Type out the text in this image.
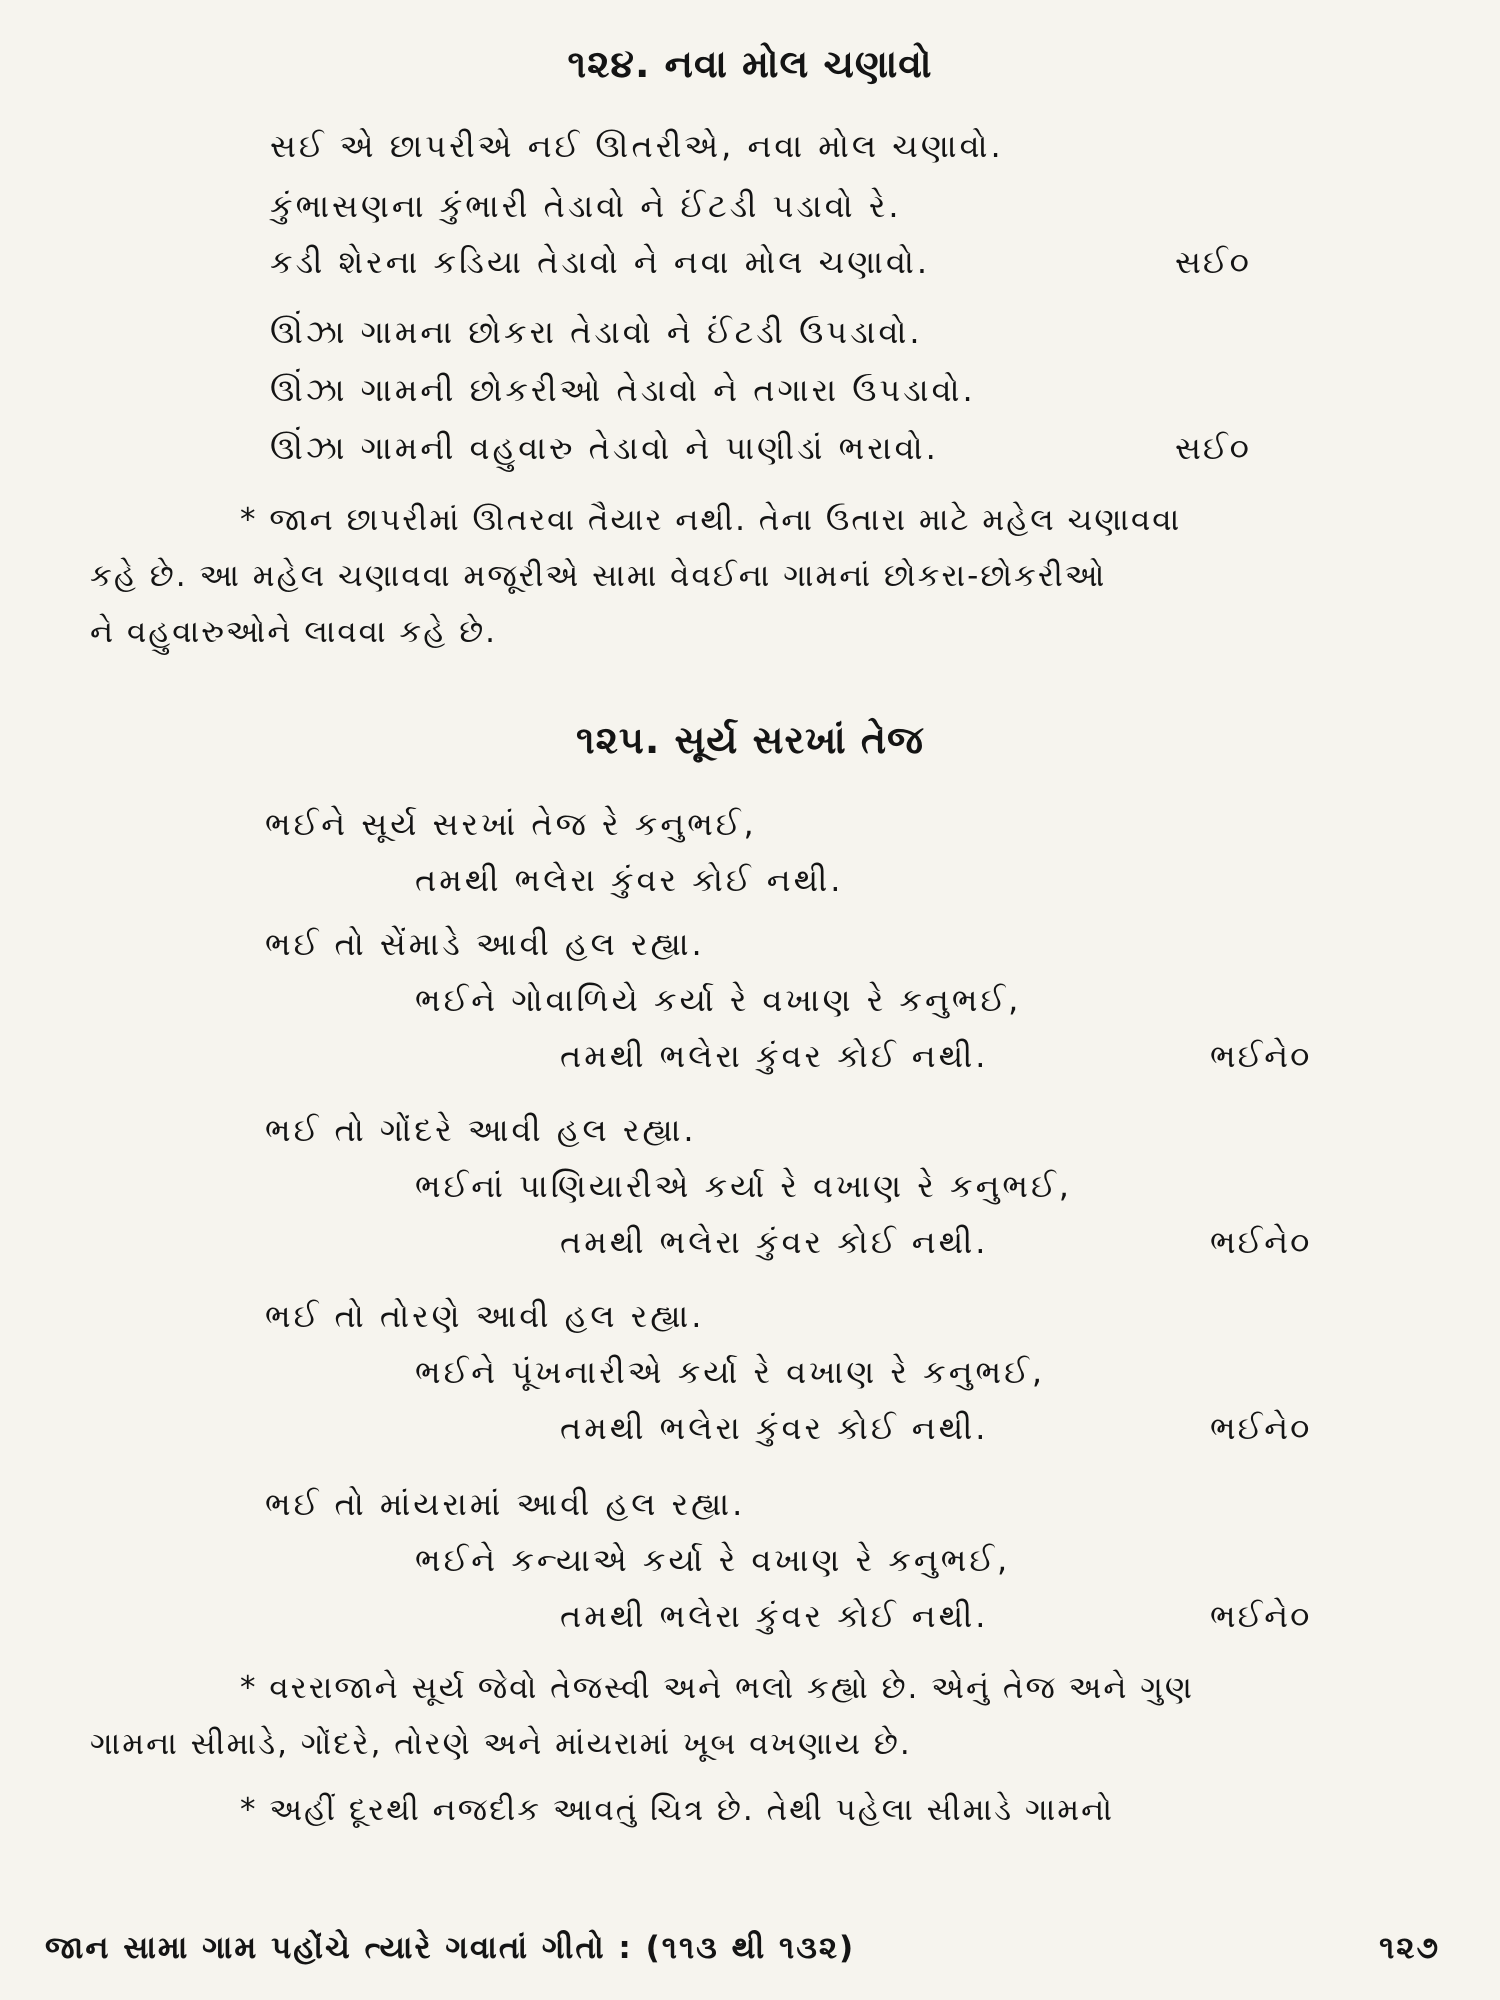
૧૨૪. નવા મોલ ચણાવો
સઈ એ છાપરીએ નઈ ઊતરીએ, નવા મોલ ચણાવો.
કુંભાસણના કુંભારી તેડાવો ને ઈંટડી પડાવો રે.
કડી શેરના કડિયા તેડાવો ને નવા મોલ ચણાવો.	સઈ૦
ઊંઝા ગામના છોકરા તેડાવો ને ઈંટડી ઉપડાવો.
ઊંઝા ગામની છોકરીઓ તેડાવો ને તગારા ઉપડાવો.
ઊંઝા ગામની વહુવારુ તેડાવો ને પાણીડાં ભરાવો.	સઈ૦
* જાન છાપરીમાં ઊતરવા તૈયાર નથી. તેના ઉતારા માટે મહેલ ચણાવવા
કહે છે. આ મહેલ ચણાવવા મજૂરીએ સામા વેવઈના ગામનાં છોકરા-છોકરીઓ
ને વહુવારુઓને લાવવા કહે છે.
૧૨૫. સૂર્ય સરખાં તેજ
ભઈને સૂર્ય સરખાં તેજ રે કનુભઈ,
તમથી ભલેરા કુંવર કોઈ નથી.
ભઈ તો સેંમાડે આવી હલ રહ્યા.
ભઈને ગોવાળિયે કર્યા રે વખાણ રે કનુભઈ,
તમથી ભલેરા કુંવર કોઈ નથી.	ભઈને૦
ભઈ તો ગોંદરે આવી હલ રહ્યા.
ભઈનાં પાણિયારીએ કર્યા રે વખાણ રે કનુભઈ,
તમથી ભલેરા કુંવર કોઈ નથી.	ભઈને૦
ભઈ તો તોરણે આવી હલ રહ્યા.
ભઈને પૂંખનારીએ કર્યા રે વખાણ રે કનુભઈ,
તમથી ભલેરા કુંવર કોઈ નથી.	ભઈને૦
ભઈ તો માંયરામાં આવી હલ રહ્યા.
ભઈને કન્યાએ કર્યા રે વખાણ રે કનુભઈ,
તમથી ભલેરા કુંવર કોઈ નથી.	ભઈને૦
* વરરાજાને સૂર્ય જેવો તેજસ્વી અને ભલો કહ્યો છે. એનું તેજ અને ગુણ
ગામના સીમાડે, ગોંદરે, તોરણે અને માંયરામાં ખૂબ વખણાય છે.
* અહીં દૂરથી નજદીક આવતું ચિત્ર છે. તેથી પહેલા સીમાડે ગામનો
જાન સામા ગામ પહોંચે ત્યારે ગવાતાં ગીતો : (૧૧૩ થી ૧૩૨)	૧૨૭
